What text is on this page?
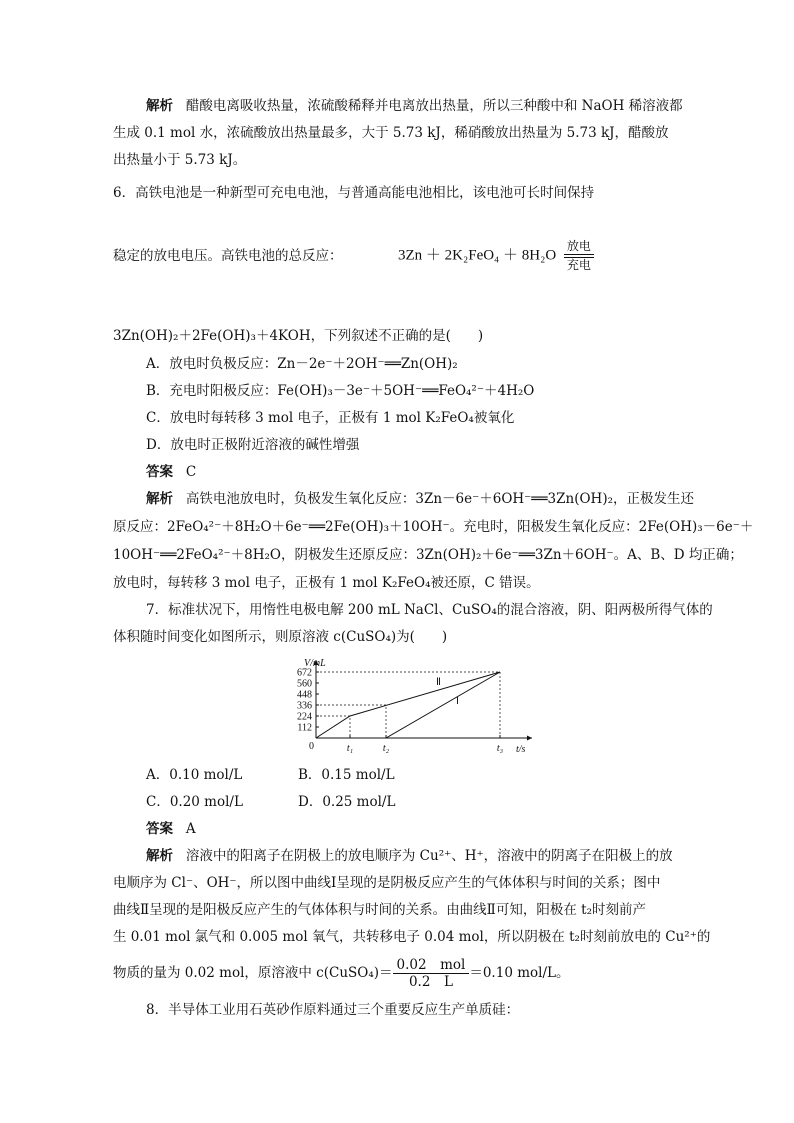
解析 醋酸电离吸收热量，浓硫酸稀释并电离放出热量，所以三种酸中和 NaOH 稀溶液都
生成 0.1 mol 水，浓硫酸放出热量最多，大于 5.73 kJ，稀硝酸放出热量为 5.73 kJ，醋酸放
出热量小于 5.73 kJ。
6．高铁电池是一种新型可充电电池，与普通高能电池相比，该电池可长时间保持
稳定的放电电压。高铁电池的总反应：	3Zn ＋ 2K₂FeO₄ ＋ 8H₂O
放电
充电
3Zn(OH)₂＋2Fe(OH)₃＋4KOH，下列叙述不正确的是(　　)
A．放电时负极反应：Zn－2e⁻＋2OH⁻══Zn(OH)₂
B．充电时阳极反应：Fe(OH)₃－3e⁻＋5OH⁻══FeO₄²⁻＋4H₂O
C．放电时每转移 3 mol 电子，正极有 1 mol K₂FeO₄被氧化
D．放电时正极附近溶液的碱性增强
答案 C
解析 高铁电池放电时，负极发生氧化反应：3Zn－6e⁻＋6OH⁻══3Zn(OH)₂，正极发生还
原反应：2FeO₄²⁻＋8H₂O＋6e⁻══2Fe(OH)₃＋10OH⁻。充电时，阳极发生氧化反应：2Fe(OH)₃－6e⁻＋
10OH⁻══2FeO₄²⁻＋8H₂O，阴极发生还原反应：3Zn(OH)₂＋6e⁻══3Zn＋6OH⁻。A、B、D 均正确；
放电时，每转移 3 mol 电子，正极有 1 mol K₂FeO₄被还原，C 错误。
7．标准状况下，用惰性电极电解 200 mL NaCl、CuSO₄的混合溶液，阴、阳两极所得气体的
体积随时间变化如图所示，则原溶液 c(CuSO₄)为(　　)
V/mL
t/s
0
112
224
336
448
560
672
t₁	t₂	t₃
Ⅱ
Ⅰ
A．0.10 mol/L	B．0.15 mol/L
C．0.20 mol/L	D．0.25 mol/L
答案 A
解析 溶液中的阳离子在阴极上的放电顺序为 Cu²⁺、H⁺，溶液中的阴离子在阳极上的放
电顺序为 Cl⁻、OH⁻，所以图中曲线Ⅰ呈现的是阴极反应产生的气体体积与时间的关系；图中
曲线Ⅱ呈现的是阳极反应产生的气体体积与时间的关系。由曲线Ⅱ可知，阳极在 t₂时刻前产
生 0.01 mol 氯气和 0.005 mol 氧气，共转移电子 0.04 mol，所以阴极在 t₂时刻前放电的 Cu²⁺的
物质的量为 0.02 mol，原溶液中 c(CuSO₄)＝ $\frac{\text{0.02　mol}}{0.2 L} =0.10$ mol/L。
8．半导体工业用石英砂作原料通过三个重要反应生产单质硅：
